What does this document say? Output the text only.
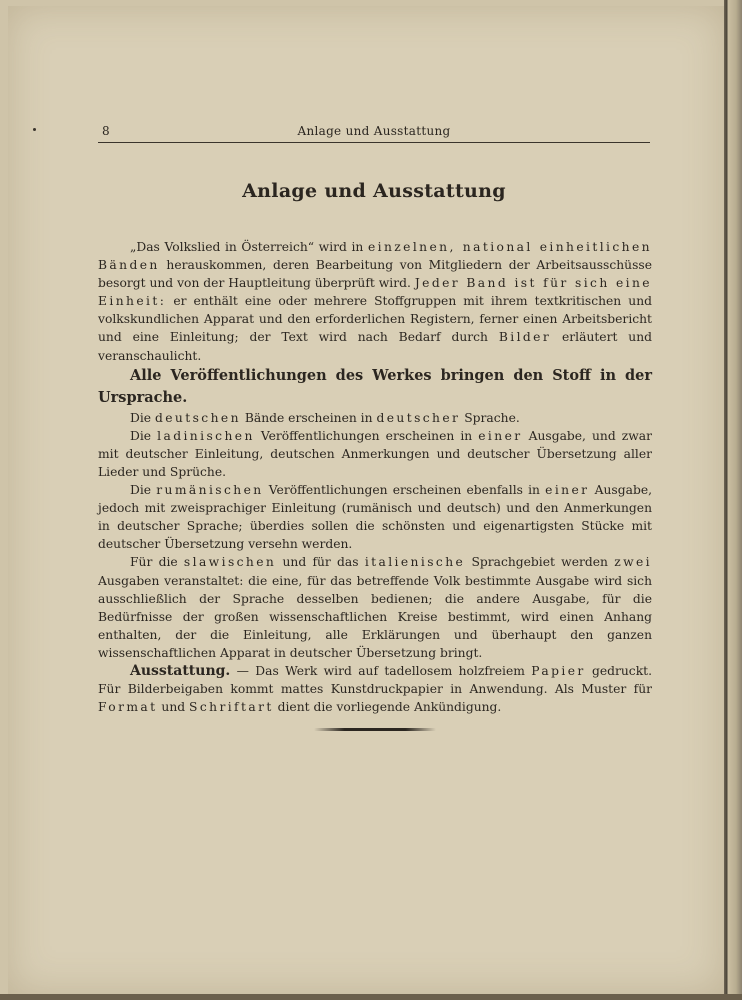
8	Anlage und Ausstattung
Anlage und Ausstattung

„Das Volkslied in Österreich“ wird in einzelnen, national einheitlichen Bänden herauskommen, deren Bearbeitung von Mitgliedern der Arbeitsausschüsse besorgt und von der Hauptleitung überprüft wird. Jeder Band ist für sich eine Einheit: er enthält eine oder mehrere Stoffgruppen mit ihrem textkritischen und volkskundlichen Apparat und den erforderlichen Registern, ferner einen Arbeitsbericht und eine Einleitung; der Text wird nach Bedarf durch Bilder erläutert und veranschaulicht.

Alle Veröffentlichungen des Werkes bringen den Stoff in der Ursprache.

Die deutschen Bände erscheinen in deutscher Sprache.

Die ladinischen Veröffentlichungen erscheinen in einer Ausgabe, und zwar mit deutscher Einleitung, deutschen Anmerkungen und deutscher Übersetzung aller Lieder und Sprüche.

Die rumänischen Veröffentlichungen erscheinen ebenfalls in einer Ausgabe, jedoch mit zweisprachiger Einleitung (rumänisch und deutsch) und den Anmerkungen in deutscher Sprache; überdies sollen die schönsten und eigenartigsten Stücke mit deutscher Übersetzung versehn werden.

Für die slawischen und für das italienische Sprachgebiet werden zwei Ausgaben veranstaltet: die eine, für das betreffende Volk bestimmte Ausgabe wird sich ausschließlich der Sprache desselben bedienen; die andere Ausgabe, für die Bedürfnisse der großen wissenschaftlichen Kreise bestimmt, wird einen Anhang enthalten, der die Einleitung, alle Erklärungen und überhaupt den ganzen wissenschaftlichen Apparat in deutscher Übersetzung bringt.

Ausstattung. — Das Werk wird auf tadellosem holzfreiem Papier gedruckt. Für Bilderbeigaben kommt mattes Kunstdruckpapier in Anwendung. Als Muster für Format und Schriftart dient die vorliegende Ankündigung.
